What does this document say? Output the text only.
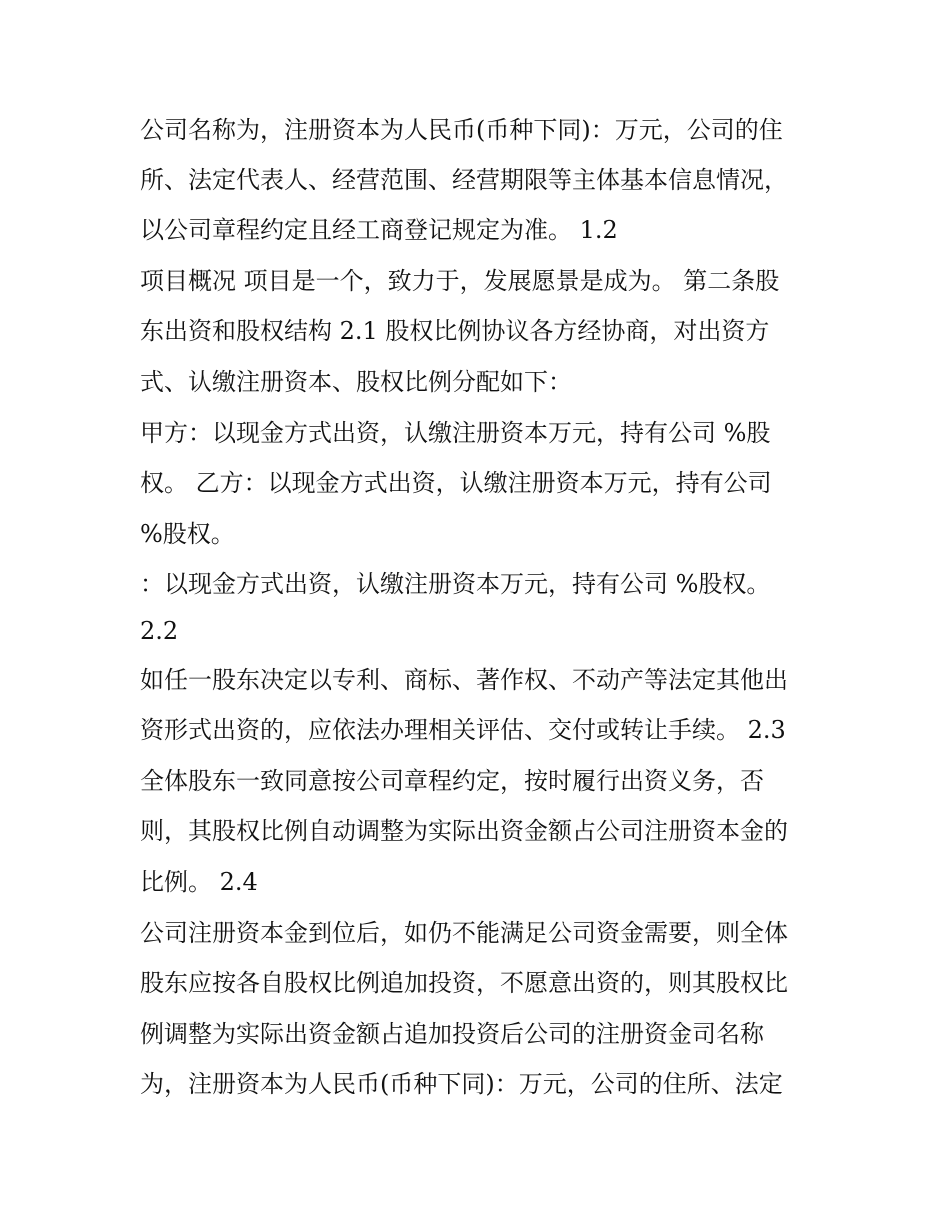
公司名称为，注册资本为人民币(币种下同)：万元，公司的住
所、法定代表人、经营范围、经营期限等主体基本信息情况，
以公司章程约定且经工商登记规定为准。 1.2
项目概况 项目是一个，致力于，发展愿景是成为。 第二条股
东出资和股权结构 2.1 股权比例协议各方经协商，对出资方
式、认缴注册资本、股权比例分配如下：
甲方：以现金方式出资，认缴注册资本万元，持有公司 %股
权。 乙方：以现金方式出资，认缴注册资本万元，持有公司
%股权。
：以现金方式出资，认缴注册资本万元，持有公司 %股权。
2.2
如任一股东决定以专利、商标、著作权、不动产等法定其他出
资形式出资的，应依法办理相关评估、交付或转让手续。 2.3
全体股东一致同意按公司章程约定，按时履行出资义务，否
则，其股权比例自动调整为实际出资金额占公司注册资本金的
比例。 2.4
公司注册资本金到位后，如仍不能满足公司资金需要，则全体
股东应按各自股权比例追加投资，不愿意出资的，则其股权比
例调整为实际出资金额占追加投资后公司的注册资金司名称
为，注册资本为人民币(币种下同)：万元，公司的住所、法定
